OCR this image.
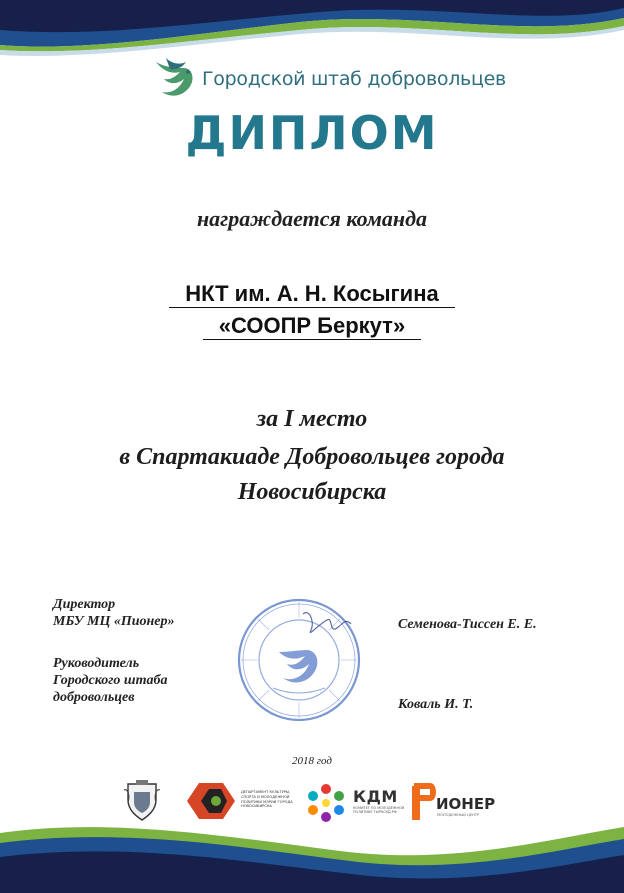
Городской штаб добровольцев
ДИПЛОМ
награждается команда
НКТ им. А. Н. Косыгина
«СООПР Беркут»
за I место
в Спартакиаде Добровольцев города
Новосибирска
Директор
МБУ МЦ «Пионер»	Семенова-Тиссен Е. Е.
Руководитель
Городского штаба
добровольцев	Коваль И. Т.
2018 год
ДЕПАРТАМЕНТ КУЛЬТУРЫ, СПОРТА И МОЛОДЕЖНОЙ ПОЛИТИКИ МЭРИИ ГОРОДА НОВОСИБИРСКА
КДМ
КОМИТЕТ ПО МОЛОДЕЖНОЙ ПОЛИТИКЕ ТЫРНСКД.РФ	ИОНЕР
МОЛОДЕЖНЫЙ ЦЕНТР
